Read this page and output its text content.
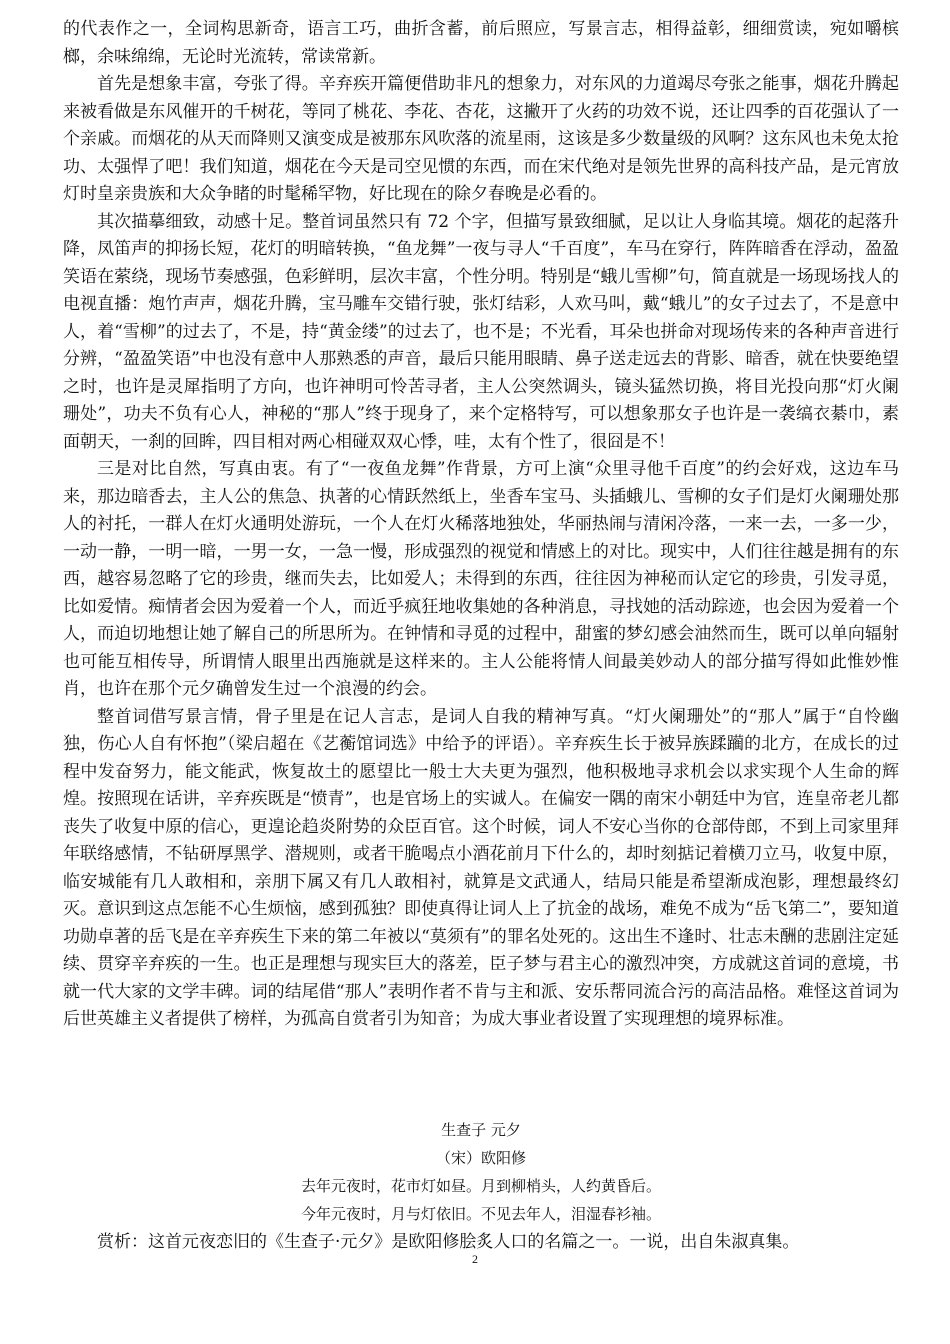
的代表作之一，全词构思新奇，语言工巧，曲折含蓄，前后照应，写景言志，相得益彰，细细赏读，宛如嚼槟榔，余味绵绵，无论时光流转，常读常新。

首先是想象丰富，夸张了得。辛弃疾开篇便借助非凡的想象力，对东风的力道竭尽夸张之能事，烟花升腾起来被看做是东风催开的千树花，等同了桃花、李花、杏花，这撇开了火药的功效不说，还让四季的百花强认了一个亲戚。而烟花的从天而降则又演变成是被那东风吹落的流星雨，这该是多少数量级的风啊？这东风也未免太抢功、太强悍了吧！我们知道，烟花在今天是司空见惯的东西，而在宋代绝对是领先世界的高科技产品，是元宵放灯时皇亲贵族和大众争睹的时髦稀罕物，好比现在的除夕春晚是必看的。

其次描摹细致，动感十足。整首词虽然只有 72 个字，但描写景致细腻，足以让人身临其境。烟花的起落升降，凤笛声的抑扬长短，花灯的明暗转换，“鱼龙舞”一夜与寻人“千百度”，车马在穿行，阵阵暗香在浮动，盈盈笑语在萦绕，现场节奏感强，色彩鲜明，层次丰富，个性分明。特别是“蛾儿雪柳”句，简直就是一场现场找人的电视直播：炮竹声声，烟花升腾，宝马雕车交错行驶，张灯结彩，人欢马叫，戴“蛾儿”的女子过去了，不是意中人，着“雪柳”的过去了，不是，持“黄金缕”的过去了，也不是；不光看，耳朵也拼命对现场传来的各种声音进行分辨，“盈盈笑语”中也没有意中人那熟悉的声音，最后只能用眼睛、鼻子送走远去的背影、暗香，就在快要绝望之时，也许是灵犀指明了方向，也许神明可怜苦寻者，主人公突然调头，镜头猛然切换，将目光投向那“灯火阑珊处”，功夫不负有心人，神秘的“那人”终于现身了，来个定格特写，可以想象那女子也许是一袭缟衣綦巾，素面朝天，一刹的回眸，四目相对两心相碰双双心悸，哇，太有个性了，很囧是不！

三是对比自然，写真由衷。有了“一夜鱼龙舞”作背景，方可上演“众里寻他千百度”的约会好戏，这边车马来，那边暗香去，主人公的焦急、执著的心情跃然纸上，坐香车宝马、头插蛾儿、雪柳的女子们是灯火阑珊处那人的衬托，一群人在灯火通明处游玩，一个人在灯火稀落地独处，华丽热闹与清闲冷落，一来一去，一多一少，一动一静，一明一暗，一男一女，一急一慢，形成强烈的视觉和情感上的对比。现实中，人们往往越是拥有的东西，越容易忽略了它的珍贵，继而失去，比如爱人；未得到的东西，往往因为神秘而认定它的珍贵，引发寻觅，比如爱情。痴情者会因为爱着一个人，而近乎疯狂地收集她的各种消息，寻找她的活动踪迹，也会因为爱着一个人，而迫切地想让她了解自己的所思所为。在钟情和寻觅的过程中，甜蜜的梦幻感会油然而生，既可以单向辐射也可能互相传导，所谓情人眼里出西施就是这样来的。主人公能将情人间最美妙动人的部分描写得如此惟妙惟肖，也许在那个元夕确曾发生过一个浪漫的约会。

整首词借写景言情，骨子里是在记人言志，是词人自我的精神写真。“灯火阑珊处”的“那人”属于“自怜幽独，伤心人自有怀抱”（梁启超在《艺蘅馆词选》中给予的评语）。辛弃疾生长于被异族蹂躏的北方，在成长的过程中发奋努力，能文能武，恢复故土的愿望比一般士大夫更为强烈，他积极地寻求机会以求实现个人生命的辉煌。按照现在话讲，辛弃疾既是“愤青”，也是官场上的实诚人。在偏安一隅的南宋小朝廷中为官，连皇帝老儿都丧失了收复中原的信心，更遑论趋炎附势的众臣百官。这个时候，词人不安心当你的仓部侍郎，不到上司家里拜年联络感情，不钻研厚黑学、潜规则，或者干脆喝点小酒花前月下什么的，却时刻掂记着横刀立马，收复中原，临安城能有几人敢相和，亲朋下属又有几人敢相衬，就算是文武通人，结局只能是希望渐成泡影，理想最终幻灭。意识到这点怎能不心生烦恼，感到孤独？即使真得让词人上了抗金的战场，难免不成为“岳飞第二”，要知道功勋卓著的岳飞是在辛弃疾生下来的第二年被以“莫须有”的罪名处死的。这出生不逢时、壮志未酬的悲剧注定延续、贯穿辛弃疾的一生。也正是理想与现实巨大的落差，臣子梦与君主心的激烈冲突，方成就这首词的意境，书就一代大家的文学丰碑。词的结尾借“那人”表明作者不肯与主和派、安乐帮同流合污的高洁品格。难怪这首词为后世英雄主义者提供了榜样，为孤高自赏者引为知音；为成大事业者设置了实现理想的境界标准。

生查子 元夕
（宋）欧阳修
去年元夜时，花市灯如昼。月到柳梢头，人约黄昏后。
今年元夜时，月与灯依旧。不见去年人，泪湿春衫袖。
赏析：这首元夜恋旧的《生查子·元夕》是欧阳修脍炙人口的名篇之一。一说，出自朱淑真集。
2
